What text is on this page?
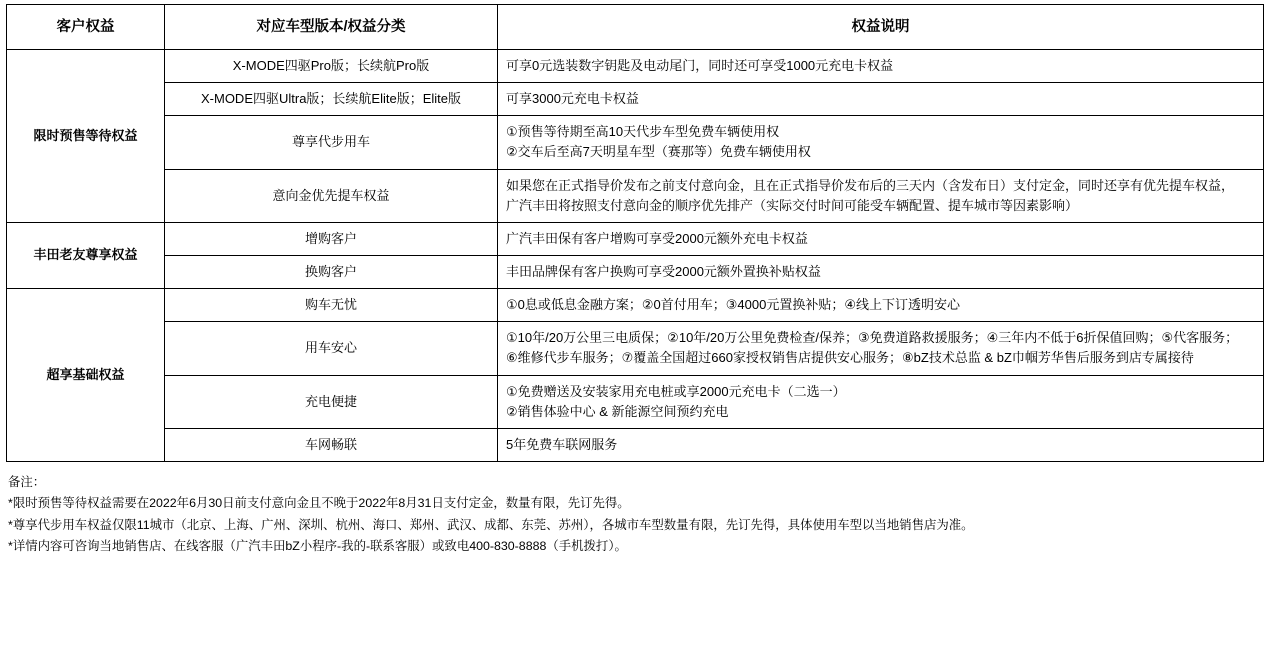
客户权益	对应车型版本/权益分类	权益说明
限时预售等待权益	X-MODE四驱Pro版；长续航Pro版	可享0元选装数字钥匙及电动尾门，同时还可享受1000元充电卡权益

	X-MODE四驱Ultra版；长续航Elite版；Elite版	可享3000元充电卡权益

	尊享代步用车	①预售等待期至高10天代步车型免费车辆使用权
②交车后至高7天明星车型（赛那等）免费车辆使用权

	意向金优先提车权益	如果您在正式指导价发布之前支付意向金，且在正式指导价发布后的三天内（含发布日）支付定金，同时还享有优先提车权益，
广汽丰田将按照支付意向金的顺序优先排产（实际交付时间可能受车辆配置、提车城市等因素影响）

丰田老友尊享权益	增购客户	广汽丰田保有客户增购可享受2000元额外充电卡权益

	换购客户	丰田品牌保有客户换购可享受2000元额外置换补贴权益

超享基础权益	购车无忧	①0息或低息金融方案；②0首付用车；③4000元置换补贴；④线上下订透明安心

	用车安心	①10年/20万公里三电质保；②10年/20万公里免费检查/保养；③免费道路救援服务；④三年内不低于6折保值回购；⑤代客服务；
⑥维修代步车服务；⑦覆盖全国超过660家授权销售店提供安心服务；⑧bZ技术总监 & bZ巾帼芳华售后服务到店专属接待

	充电便捷	①免费赠送及安装家用充电桩或享2000元充电卡（二选一）
②销售体验中心 & 新能源空间预约充电

	车网畅联	5年免费车联网服务
备注：
*限时预售等待权益需要在2022年6月30日前支付意向金且不晚于2022年8月31日支付定金，数量有限，先订先得。
*尊享代步用车权益仅限11城市（北京、上海、广州、深圳、杭州、海口、郑州、武汉、成都、东莞、苏州），各城市车型数量有限，先订先得，具体使用车型以当地销售店为准。
*详情内容可咨询当地销售店、在线客服（广汽丰田bZ小程序-我的-联系客服）或致电400-830-8888（手机拨打）。
